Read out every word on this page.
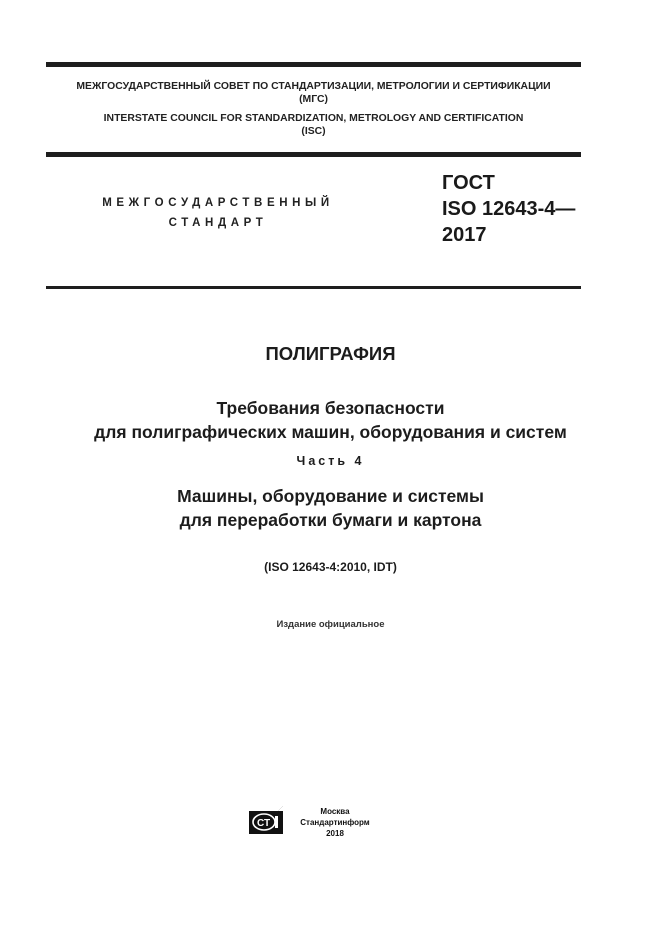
МЕЖГОСУДАРСТВЕННЫЙ СОВЕТ ПО СТАНДАРТИЗАЦИИ, МЕТРОЛОГИИ И СЕРТИФИКАЦИИ
(МГС)
INTERSTATE COUNCIL FOR STANDARDIZATION, METROLOGY AND CERTIFICATION
(ISC)
МЕЖГОСУДАРСТВЕННЫЙ
СТАНДАРТ
ГОСТ
ISO 12643-4—
2017
ПОЛИГРАФИЯ
Требования безопасности
для полиграфических машин, оборудования и систем
Часть 4
Машины, оборудование и системы
для переработки бумаги и картона
(ISO 12643-4:2010, IDT)
Издание официальное
СТ
Москва
Стандартинформ
2018
